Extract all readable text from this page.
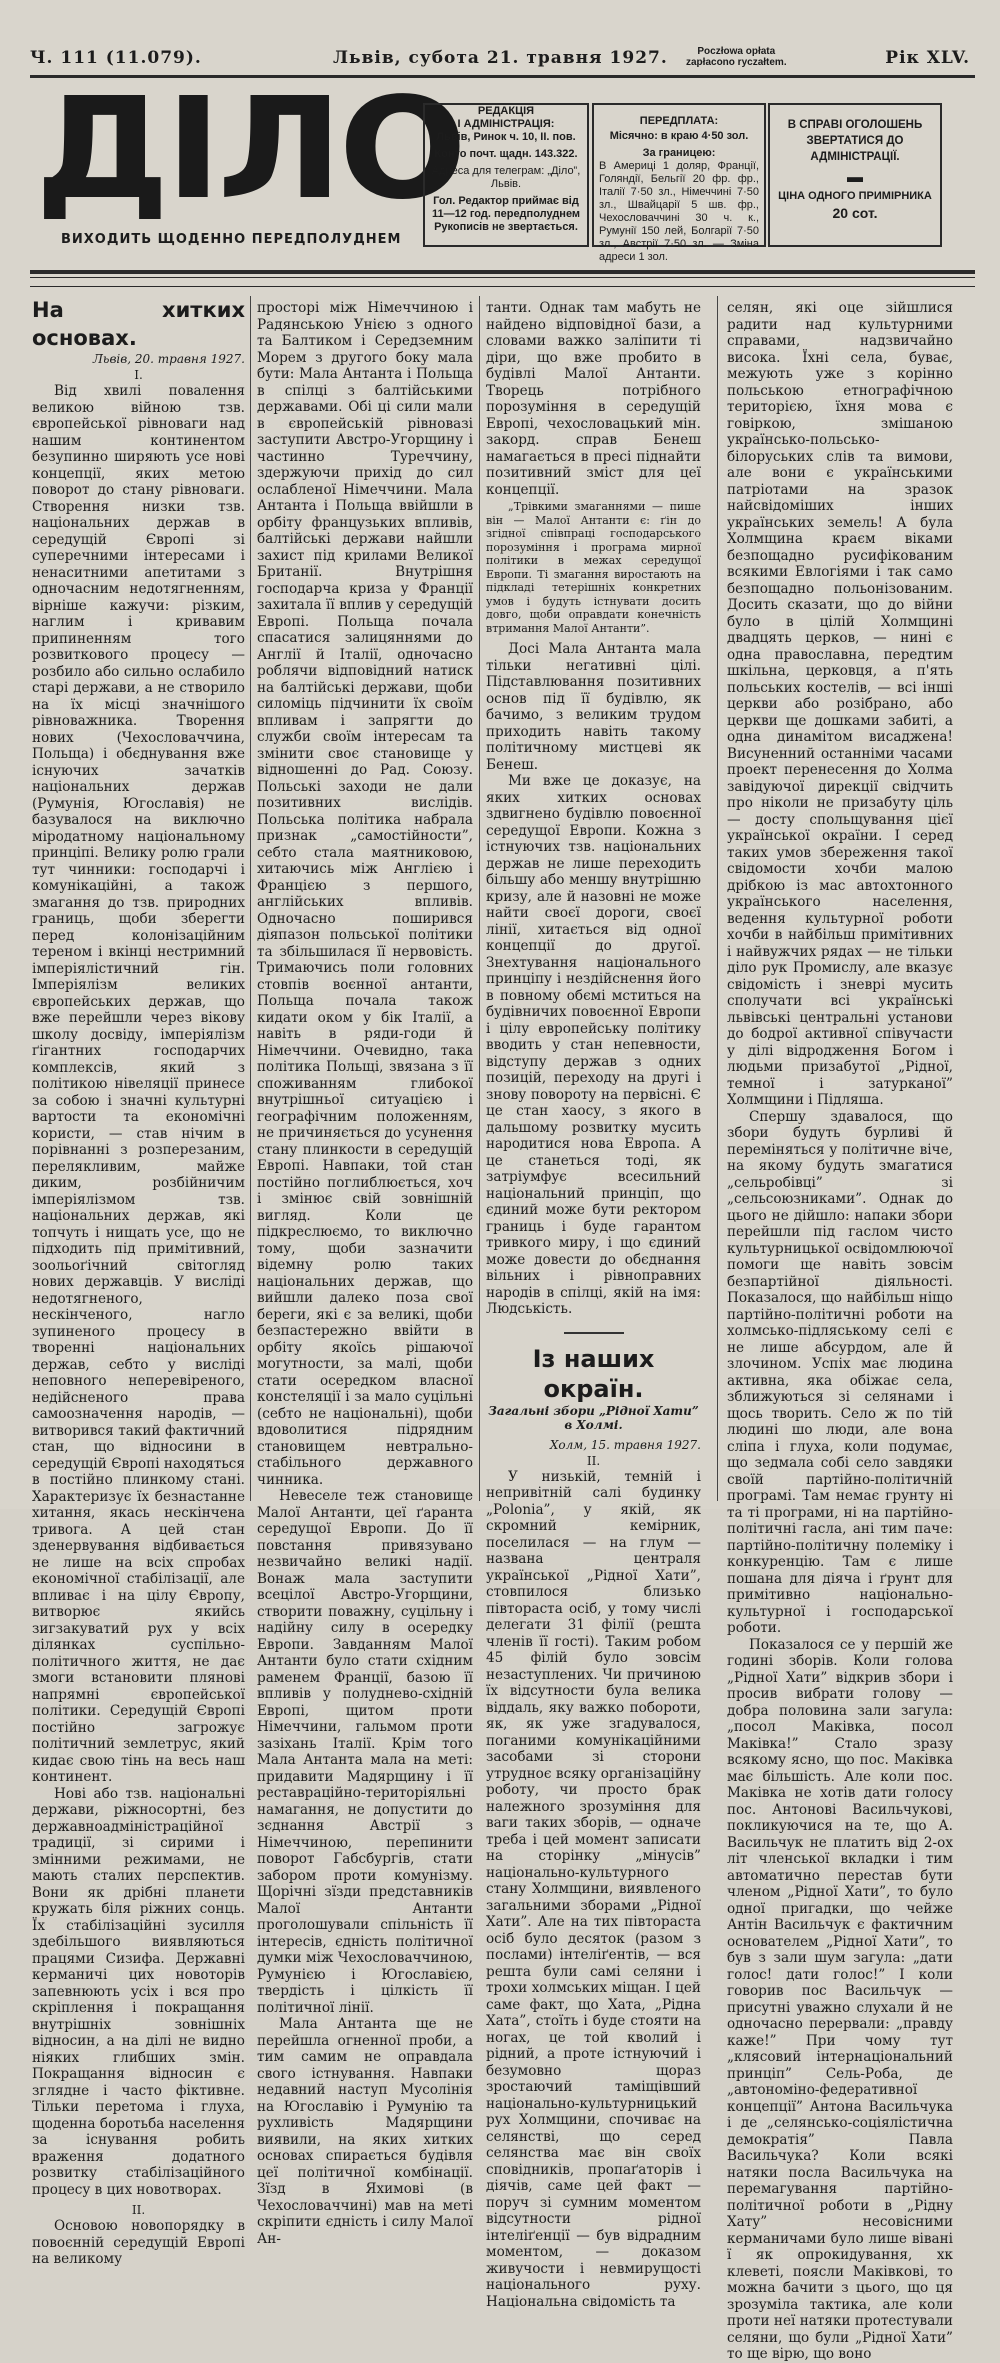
Ч. 111 (11.079).	Львів, субота 21. травня 1927.	Poczłowa opłata
zapłacono ryczałtem.	Рік XLV.
ДІЛО
ВИХОДИТЬ ЩОДЕННО ПЕРЕДПОЛУДНЕМ
РЕДАКЦІЯ
І АДМІНІСТРАЦІЯ:
Львів, Ринок ч. 10, II. пов.
Конто почт. щадн. 143.322.
Адреса для телеграм: „Діло”, Львів.
Гол. Редактор приймає від 11—12 год. передполуднем
Рукописів не звертається.
ПЕРЕДПЛАТА:
Місячно: в краю 4·50 зол.
За границею:
В Америці 1 доляр, Франції, Голяндії, Бельгії 20 фр. фр., Італії 7·50 зл., Німеччині 7·50 зл., Швайцарії 5 шв. фр., Чехословаччині 30 ч. к., Румунії 150 лей, Болгарії 7·50 зл., Австрії 7·50 зл. — Зміна адреси 1 зол.
В СПРАВІ ОГОЛОШЕНЬ ЗВЕРТАТИСЯ ДО АДМІНІСТРАЦІЇ.
▬
ЦІНА ОДНОГО ПРИМІРНИКА
20 сот.

На хитких основах.

Львів, 20. травня 1927.
I.

Від хвилі повалення великою війною тзв. європейської рівноваги над нашим континентом безупинно ширяють усе нові концепції, яких метою поворот до стану рівноваги. Створення низки тзв. національних держав в середущій Європі зі суперечними інтересами і ненаситними апетитами з одночасним недотягненням, вірніше кажучи: різким, наглим і кривавим припиненням того розвиткового процесу — розбило або сильно ослабило старі держави, а не створило на їх місці значнішого рівноважника. Творення нових (Чехословаччина, Польща) і обєднування вже існуючих зачатків національних держав (Румунія, Югославія) не базувалося на виключно міродатному національному принціпі. Велику ролю грали тут чинники: господарчі і комунікаційні, а також змагання до тзв. природних границь, щоби зберегти перед колонізаційним тереном і вкінці нестримний імперіялістичний гін. Імперіялізм великих європейських держав, що вже перейшли через вікову школу досвіду, імперіялізм ґігантних господарчих комплексів, який з політикою нівеляції принесе за собою і значні культурні вартости та економічні користи, — став нічим в порівнанні з розперезаним, перелякливим, майже диким, розбійничим імперіялізмом тзв. національних держав, які топчуть і нищать усе, що не підходить під примітивний, зоольоґічний світогляд нових державців. У висліді недотягненого, нескінченого, нагло зупиненого процесу в творенні національних держав, себто у висліді неповного неперевіреного, недійсненого права самоозначення народів, — витворився такий фактичний стан, що відносини в середущій Європі находяться в постійно плинкому стані. Характеризує їх безнастанне хитання, якась нескінчена тривога. А цей стан зденервування відбивається не лише на всіх спробах економічної стабілізації, але впливає і на цілу Європу, витворює якийсь зигзакуватий рух у всіх ділянках суспільно-політичного життя, не дає змоги встановити плянові напрямні європейської політики. Середущій Європі постійно загрожує політичний землетрус, який кидає свою тінь на весь наш континент.

Нові або тзв. національні держави, ріжносортні, без державноадміністраційної традиції, зі сирими і змінними режимами, не мають сталих перспектив. Вони як дрібні планети кружать біля ріжних сонць. Їх стабілізаційні зусилля здебільшого виявляються працями Сизифа. Державні керманичі цих новоторів запевнюють усіх і вся про скріплення і покращання внутрішніх зовнішніх відносин, а на ділі не видно ніяких глибших змін. Покращання відносин є зглядне і часто фіктивне. Тільки перетома і глуха, щоденна боротьба населення за існування робить враження додатного розвитку стабілізаційного процесу в цих новотворах.

II.

Основою новопорядку в повоєнній середущій Европі на великому

просторі між Німеччиною і Радянською Унією з одного та Балтиком і Середземним Морем з другого боку мала бути: Мала Антанта і Польща в спілці з балтійськими державами. Обі ці сили мали в європейській рівновазі заступити Австро-Угорщину і частинно Туреччину, здержуючи прихід до сил ослабленої Німеччини. Мала Антанта і Польща ввійшли в орбіту французьких впливів, балтійські держави найшли захист під крилами Великої Британії. Внутрішня господарча криза у Франції захитала її вплив у середущій Европі. Польща почала спасатися залицяннями до Англії й Італії, одночасно роблячи відповідний натиск на балтійські держави, щоби силоміць підчинити їх своїм впливам і запрягти до служби своїм інтересам та змінити своє становище у відношенні до Рад. Союзу. Польські заходи не дали позитивних вислідів. Польська політика набрала признак „самостійности”, себто стала маятниковою, хитаючись між Англією і Францією з першого, англійських впливів. Одночасно поширився діяпазон польської політики та збільшилася її нервовість. Тримаючись поли головних стовпів воєнної антанти, Польща почала також кидати оком у бік Італії, а навіть в ряди-годи й Німеччини. Очевидно, така політика Польщі, звязана з її споживанням глибокої внутрішньої ситуацією і географічним положенням, не причиняється до усунення стану плинкости в середущій Европі. Навпаки, той стан постійно поглиблюється, хоч і змінює свій зовнішній вигляд. Коли це підкреслюємо, то виключно тому, щоби зазначити відемну ролю таких національних держав, що вийшли далеко поза свої береги, які є за великі, щоби безпастережно ввійти в орбіту якоїсь рішаючої могутности, за малі, щоби стати осередком власної констеляції і за мало суцільні (себто не національні), щоби вдоволитися підрядним становищем невтрально-стабільного державного чинника.

Невеселе теж становище Малої Антанти, цеї ґаранта середущої Европи. До її повстання привязувано незвичайно великі надії. Вонаж мала заступити всецілої Австро-Угорщини, створити поважну, суцільну і надійну силу в осередку Европи. Завданням Малої Антанти було стати східним раменем Франції, базою її впливів у полудневo-східній Европі, щитом проти Німеччини, гальмом проти зазіхань Італії. Крім того Мала Антанта мала на меті: придавити Мадярщину і її реставраційно-територіяльні намагання, не допустити до зєднання Австрії з Німеччиною, перепинити поворот Габсбургів, стати забором проти комунізму. Щорічні зїзди представників Малої Антанти проголошували спільність її інтересів, єдність політичної думки між Чехословаччиною, Румунією і Югославією, твердість і цілкість її політичної лінії.

Мала Антанта ще не перейшла огненної проби, а тим самим не оправдала свого істнування. Навпаки недавний наступ Мусолінія на Югославію і Румунію та рухливість Мадярщини виявили, на яких хитких основах спирається будівля цеї політичної комбінації. Зїзд в Яхимові (в Чехословаччині) мав на меті скріпити єдність і силу Малої Ан-

танти. Однак там мабуть не найдено відповідної бази, а словами важко заліпити ті діри, що вже пробито в будівлі Малої Антанти. Творець потрібного порозуміння в середущій Европі, чехословацький мін. закорд. справ Бенеш намагається в пресі піднайти позитивний зміст для цеї концепції.

„Трівкими змаганнями — пише він — Малої Антанти є: ґін до згідної співпраці господарського порозуміння і програма мирної політики в межах середущої Европи. Ті змагання виростають на підкладі тетерішніх конкретних умов і будуть істнувати досить довго, щоби оправдати конечність втримання Малої Антанти”.

Досі Мала Антанта мала тільки негативні цілі. Підставлювання позитивних основ під її будівлю, як бачимо, з великим трудом приходить навіть такому політичному мистцеві як Бенеш.

Ми вже це доказує, на яких хитких основах здвигнено будівлю повоєнної середущої Европи. Кожна з істнуючих тзв. національних держав не лише переходить більшу або меншу внутрішню кризу, але й назовні не може найти своєї дороги, своєї лінії, хитається від одної концепції до другої. Знехтування національного принціпу і нездійснення його в повному обємі мститься на будівничих повоєнної Европи і цілу европейську політику вводить у стан непевности, відступу держав з одних позицій, переходу на другі і знову повороту на первісні. Є це стан хаосу, з якого в дальшому розвитку мусить народитися нова Европа. А це станеться тоді, як затріумфує всесильний національний принціп, що єдиний може бути ректором границь і буде гарантом тривкого миру, і що єдиний може довести до обєднання вільних і рівноправних народів в спілці, якій на імя: Людськість.

Із наших окраїн.

Загальні збори „Рідної Хати” в Холмі.
Холм, 15. травня 1927.
II.

У низькій, темній і непривітній салі будинку „Polonia”, у якій, як скромний кемірник, поселилася — на глум — названа централя української „Рідної Хати”, стовпилося близько півтораста осіб, у тому числі делегати 31 філії (решта членів її гості). Таким робом 45 філій було зовсім незаступлених. Чи причиною їх відсутности була велика віддаль, яку важко побороти, як, як уже згадувалося, поганими комунікаційними засобами зі сторони утрудноє всяку організаційну роботу, чи просто брак належного зрозуміння для ваги таких зборів, — одначе треба і цей момент записати на сторінку „мінусів” національно-культурного стану Холмщини, виявленого загальними зборами „Рідної Хати”. Але на тих півтораста осіб було десяток (разом з послами) інтеліґентів, — вся решта були самі селяни і трохи холмських міщан. І цей саме факт, що Хата, „Рідна Хата”, стоїть і буде стояти на ногах, це той кволий і рідний, а проте істнуючий і безумовно щораз зростаючий таміщівший національно-культурницький рух Холмщини, спочиває на селянстві, що серед селянства має він своїх сповідників, пропаґаторів і діячів, саме цей факт — поруч зі сумним моментом відсутности рідної інтеліґенції — був відрадним моментом, — доказом живучости і невмирущості національного руху. Національна свідомість та

селян, які оце зійшлися радити над культурними справами, надзвичайно висока. Їхні села, буває, межують уже з корінно польською етнографічною територією, їхня мова є говіркою, змішаною українсько-польсько-білоруських слів та вимови, але вони є українськими патріотами на зразок найсвідоміших інших українських земель! А була Холмщина краєм віками безпощадно русифікованим всякими Евлогіями і так само безпощадно польонізованим. Досить сказати, що до війни було в цілій Холмщині двадцять церков, — нині є одна православна, передтим шкільна, церковця, а п'ять польських костелів, — всі інші церкви або розібрано, або церкви ще дошками забиті, а одна динамітом висаджена! Висуненний останніми часами проект перенесення до Холма завідуючої дирекції свідчить про ніколи не призабуту ціль — досту спольщування цієї української окраїни. І серед таких умов збереження такої свідомости хочби малою дрібкою із мас автохтонного українського населення, ведення культурної роботи хочби в найбільш примітивних і найвужчих рядах — не тільки діло рук Промислу, але вказує свідомість і зневрі мусить сполучати всі українські львівські центральні установи до бодрої активної співучасти у ділі відродження Богом і людьми призабутої „Рідної, темної і затурканої” Холмщини і Підляша.

Спершу здавалося, що збори будуть бурливі й переміняться у політичне віче, на якому будуть змагатися „сельробівці” зі „сельсоюзниками”. Однак до цього не дійшло: напаки збори перейшли під гаслом чисто культурницької освідомлюючої помоги ще навіть зовсім безпартійної діяльності. Показалося, що найбільш ніщо партійно-політичні роботи на холмсько-підляському селі є не лише абсурдом, але й злочином. Успіх має людина активна, яка обіжає села, зближуються зі селянами і щось творить. Село ж по тій людині шо люди, але вона сліпа і глуха, коли подумає, що зедмала собі село завдяки своїй партійно-політичній програмі. Там немає грунту ні та ті програми, ні на партійно-політичні гасла, ані тим паче: партійно-політичну полеміку і конкуренцію. Там є лише пошана для діяча і ґрунт для примітивно національно-культурної і господарської роботи.

Показалося се у першій же годині зборів. Коли голова „Рідної Хати” відкрив збори і просив вибрати голову — добра половина зали загула: „посол Маківка, посол Маківка!” Стало зразу всякому ясно, що пос. Маківка має більшість. Але коли пос. Маківка не хотів дати голосу пос. Антонові Васильчукові, покликуючися на те, що А. Васильчук не платить від 2-ох літ членської вкладки і тим автоматично перестав бути членом „Рідної Хати”, то було одної пригадки, що чейже Антін Васильчук є фактичним основателем „Рідної Хати”, то був з зали шум загула: „дати голос! дати голос!” І коли говорив пос Васильчук — присутні уважно слухали й не одночасно перервали: „правду каже!” При чому тут „клясовий інтернаціональний принціп” Сель-Роба, де „автономіно-федеративної концепції” Антона Васильчука і де „селянсько-соціялістична демократія” Павла Васильчука? Коли всякі натяки посла Васильчука на перемагування партійно-політичної роботи в „Рідну Хату” несовісними керманичами було лише вівані ї як опрокидування, хк клеветі, поясли Маківкові, то можна бачити з цього, що ця зрозуміла тактика, але коли проти неї натяки протестували селяни, що були „Рідної Хати” то ще вірю, що воно
